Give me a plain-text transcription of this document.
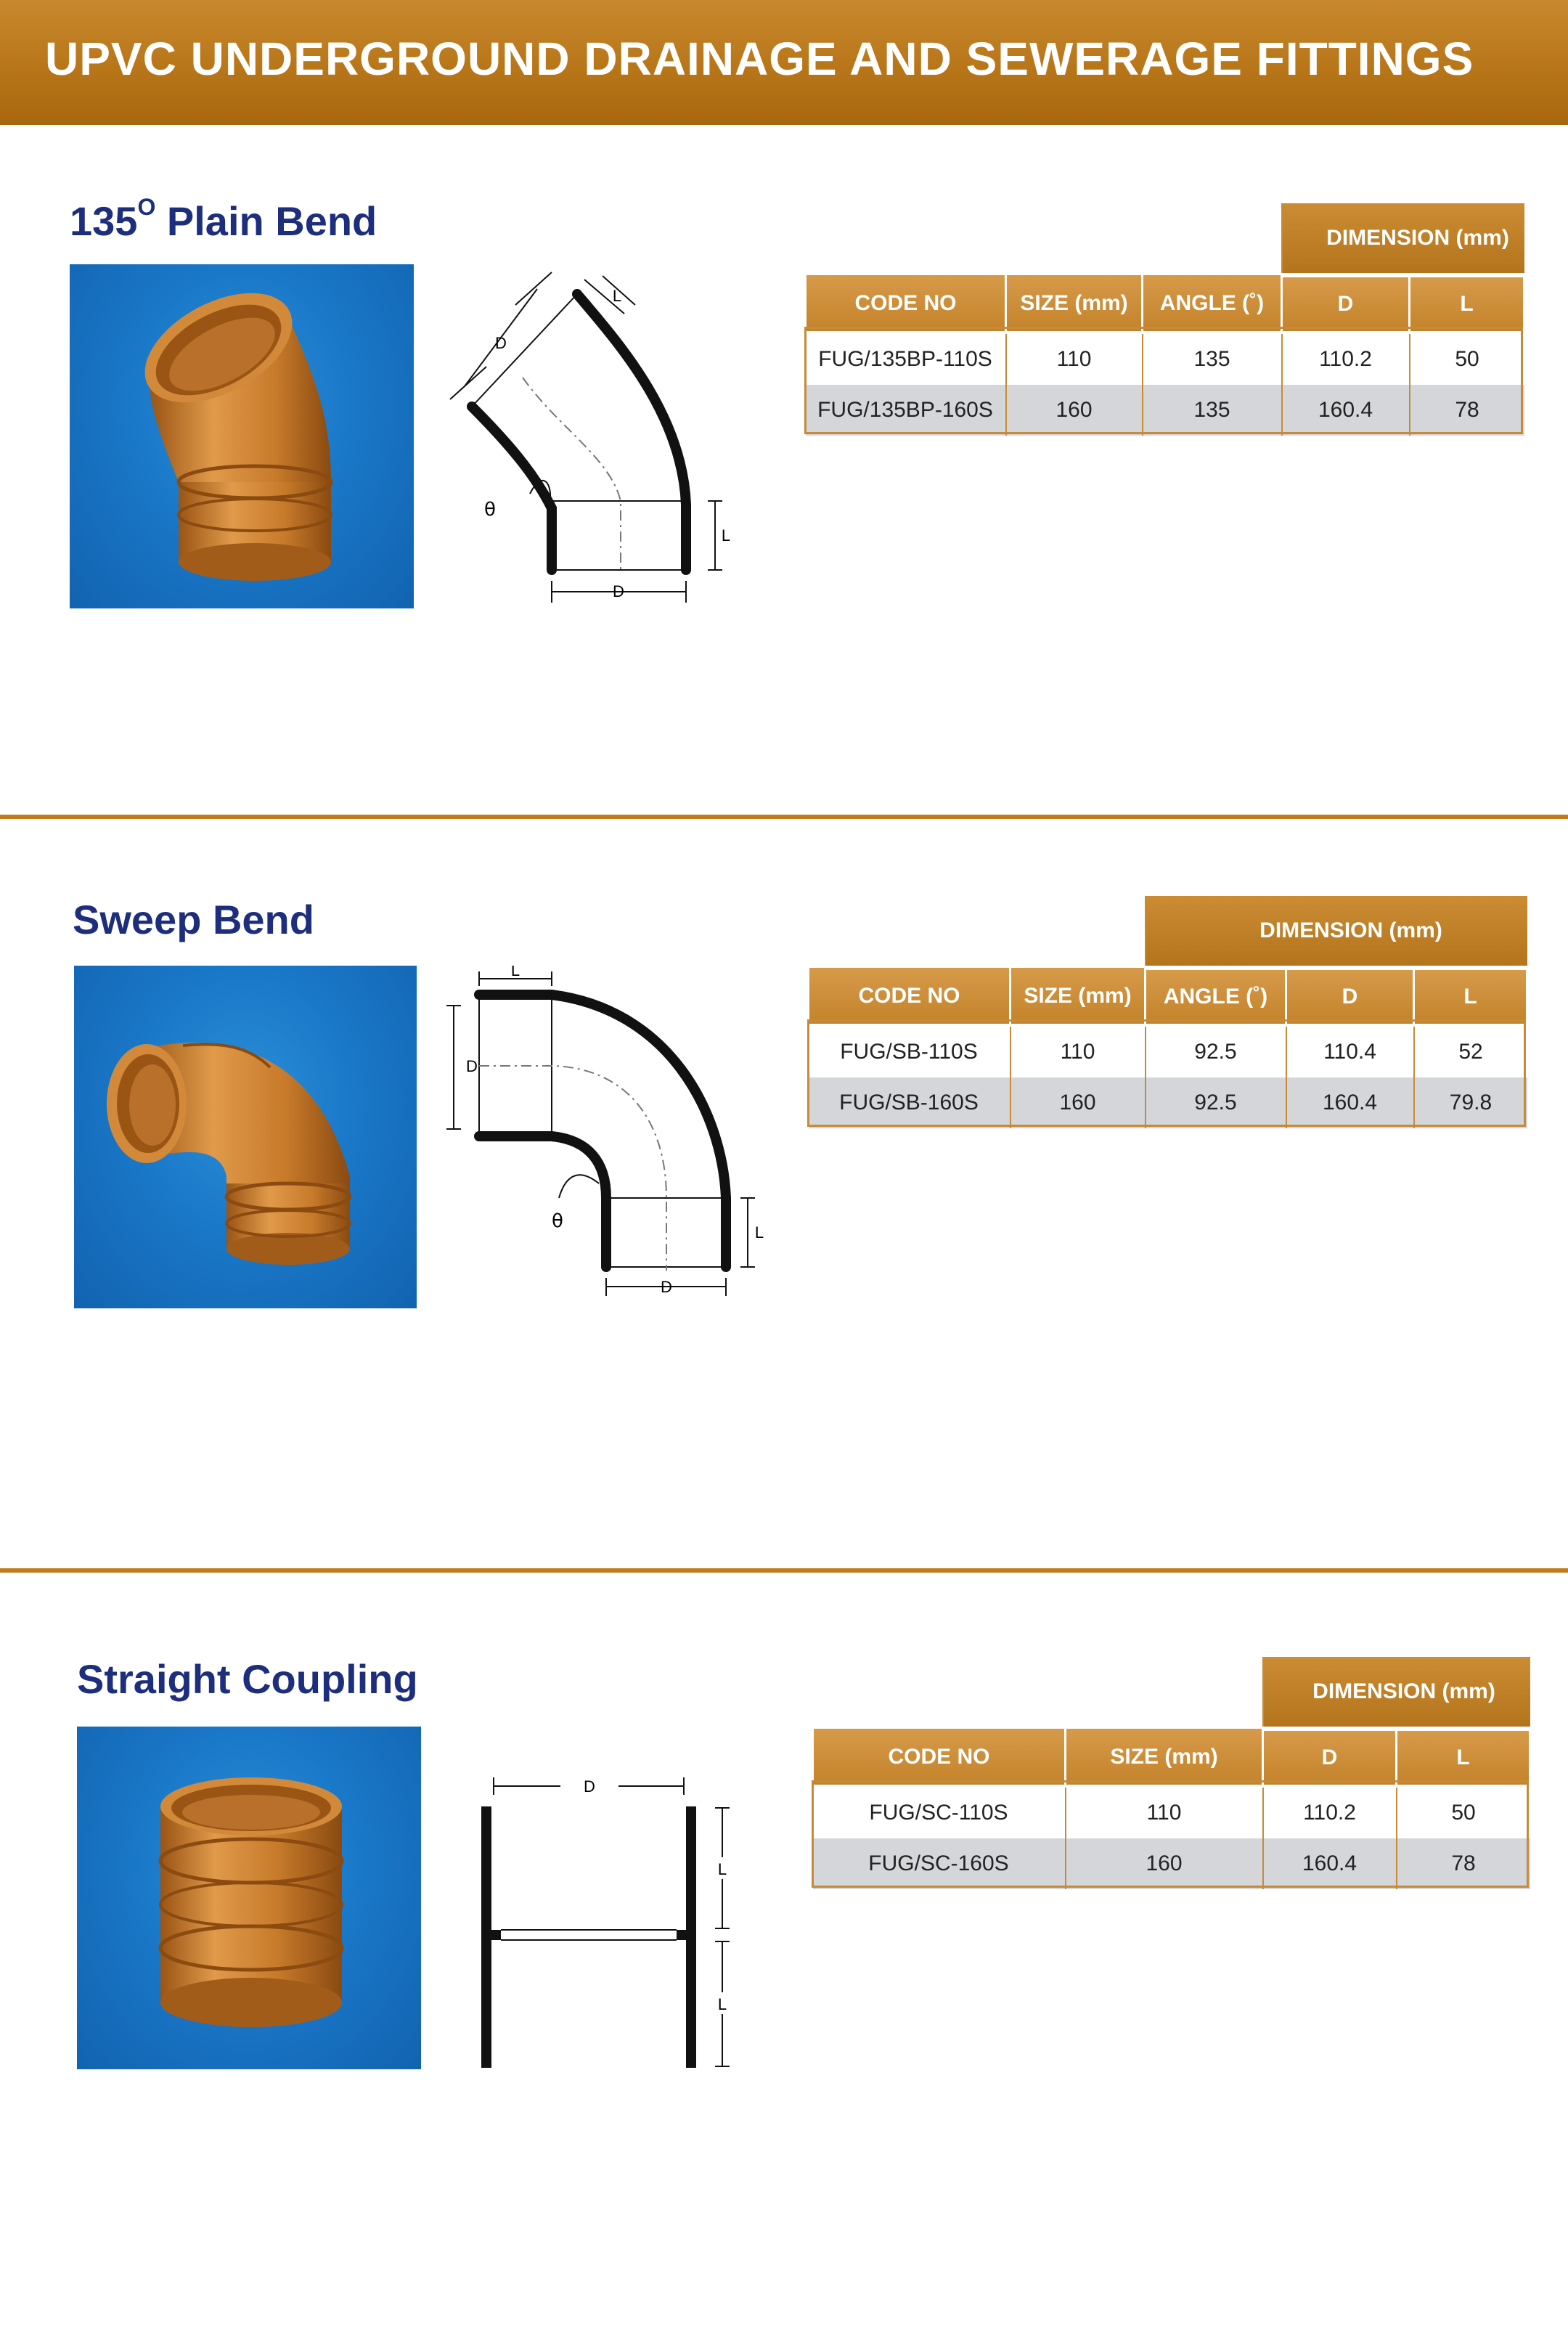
UPVC UNDERGROUND DRAINAGE AND SEWERAGE FITTINGS
$135^O$ Plain Bend
D
L
θ
L
D
			DIMENSION (mm)	
CODE NO	SIZE (mm)	ANGLE (˚)	D	L
FUG/135BP-110S	110	135	110.2	50
FUG/135BP-160S	160	135	160.4	78
Sweep Bend
L
D
θ
L
D
		DIMENSION (mm)		
CODE NO	SIZE (mm)	ANGLE (˚)	D	L
FUG/SB-110S	110	92.5	110.4	52
FUG/SB-160S	160	92.5	160.4	79.8
Straight Coupling
D
L
L
		DIMENSION (mm)	
CODE NO	SIZE (mm)	D	L
FUG/SC-110S	110	110.2	50
FUG/SC-160S	160	160.4	78
